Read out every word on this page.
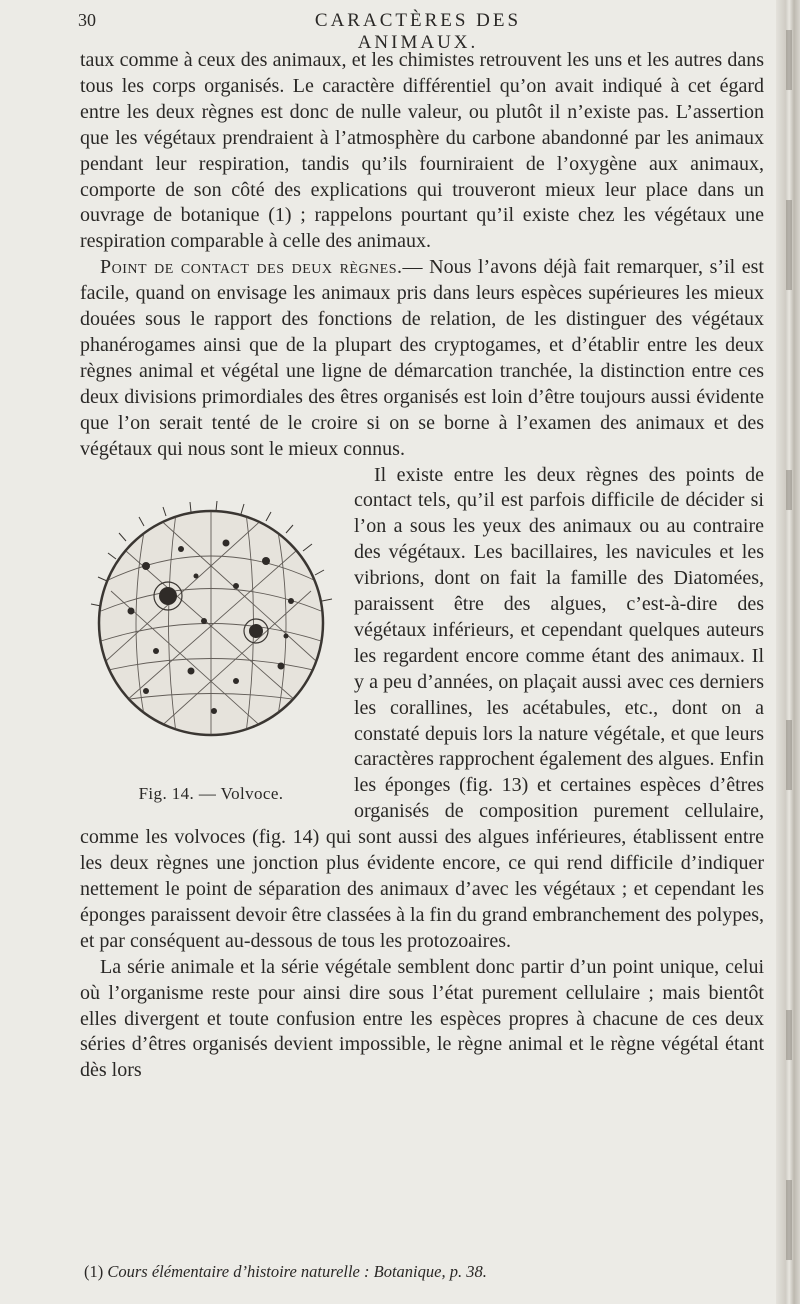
30	CARACTÈRES DES ANIMAUX.

taux comme à ceux des animaux, et les chimistes retrouvent les uns et les autres dans tous les corps organisés. Le caractère différentiel qu’on avait indiqué à cet égard entre les deux règnes est donc de nulle valeur, ou plutôt il n’existe pas. L’assertion que les végétaux prendraient à l’atmosphère du carbone abandonné par les animaux pendant leur respiration, tandis qu’ils fourniraient de l’oxygène aux animaux, comporte de son côté des explications qui trouveront mieux leur place dans un ouvrage de botanique (1) ; rappelons pourtant qu’il existe chez les végétaux une respiration comparable à celle des animaux.

Point de contact des deux règnes.— Nous l’avons déjà fait remarquer, s’il est facile, quand on envisage les animaux pris dans leurs espèces supérieures les mieux douées sous le rapport des fonctions de relation, de les distinguer des végétaux phanérogames ainsi que de la plupart des cryptogames, et d’établir entre les deux règnes animal et végétal une ligne de démarcation tranchée, la distinction entre ces deux divisions primordiales des êtres organisés est loin d’être toujours aussi évidente que l’on serait tenté de le croire si on se borne à l’examen des animaux et des végétaux qui nous sont le mieux connus.

Fig. 14. — Volvoce.
Il existe entre les deux règnes des points de contact tels, qu’il est parfois difficile de décider si l’on a sous les yeux des animaux ou au contraire des végétaux. Les bacillaires, les navicules et les vibrions, dont on fait la famille des Diatomées, paraissent être des algues, c’est-à-dire des végétaux inférieurs, et cependant quelques auteurs les regardent encore comme étant des animaux. Il y a peu d’années, on plaçait aussi avec ces derniers les corallines, les acétabules, etc., dont on a constaté depuis lors la nature végétale, et que leurs caractères rapprochent également des algues. Enfin les éponges (fig. 13) et certaines espèces d’êtres organisés de composition purement cellulaire, comme les volvoces (fig. 14) qui sont aussi des algues inférieures, établissent entre les deux règnes une jonction plus évidente encore, ce qui rend difficile d’indiquer nettement le point de séparation des animaux d’avec les végétaux ; et cependant les éponges paraissent devoir être classées à la fin du grand embranchement des polypes, et par conséquent au-dessous de tous les protozoaires.

La série animale et la série végétale semblent donc partir d’un point unique, celui où l’organisme reste pour ainsi dire sous l’état purement cellulaire ; mais bientôt elles divergent et toute confusion entre les espèces propres à chacune de ces deux séries d’êtres organisés devient impossible, le règne animal et le règne végétal étant dès lors

(1) Cours élémentaire d’histoire naturelle : Botanique, p. 38.
